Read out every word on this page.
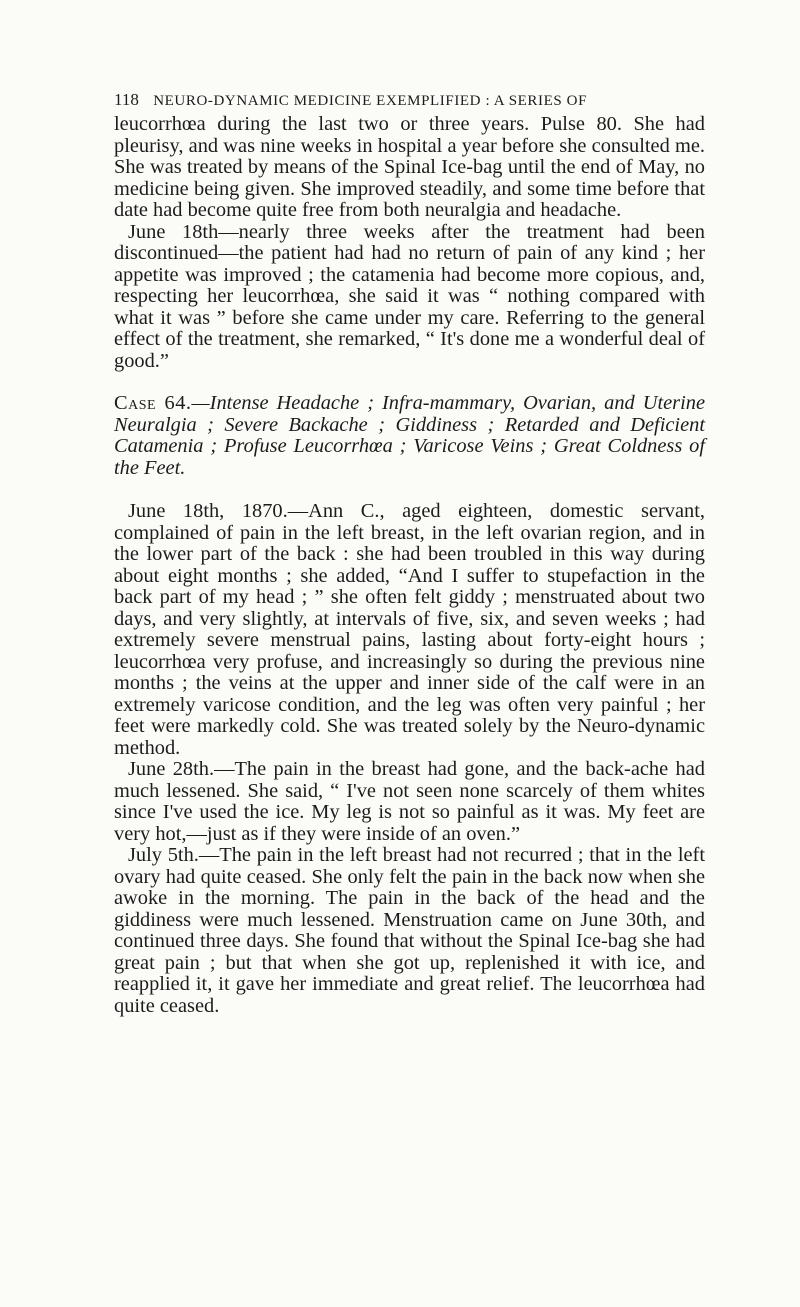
118 NEURO-DYNAMIC MEDICINE EXEMPLIFIED : A SERIES OF

leucorrhœa during the last two or three years. Pulse 80. She had pleurisy, and was nine weeks in hospital a year before she consulted me. She was treated by means of the Spinal Ice-bag until the end of May, no medicine being given. She improved steadily, and some time before that date had become quite free from both neuralgia and headache.

June 18th—nearly three weeks after the treatment had been discontinued—the patient had had no return of pain of any kind ; her appetite was improved ; the catamenia had become more copious, and, respecting her leucorrhœa, she said it was “ nothing compared with what it was ” before she came under my care. Referring to the general effect of the treatment, she remarked, “ It's done me a wonderful deal of good.”

Case 64.—Intense Headache ; Infra-mammary, Ovarian, and Uterine Neuralgia ; Severe Backache ; Giddiness ; Retarded and Deficient Catamenia ; Profuse Leucorrhœa ; Varicose Veins ; Great Coldness of the Feet.

June 18th, 1870.—Ann C., aged eighteen, domestic servant, complained of pain in the left breast, in the left ovarian region, and in the lower part of the back : she had been troubled in this way during about eight months ; she added, “And I suffer to stupefaction in the back part of my head ; ” she often felt giddy ; menstruated about two days, and very slightly, at intervals of five, six, and seven weeks ; had extremely severe menstrual pains, lasting about forty-eight hours ; leucorrhœa very profuse, and increasingly so during the previous nine months ; the veins at the upper and inner side of the calf were in an extremely varicose condition, and the leg was often very painful ; her feet were markedly cold. She was treated solely by the Neuro-dynamic method.

June 28th.—The pain in the breast had gone, and the back-ache had much lessened. She said, “ I've not seen none scarcely of them whites since I've used the ice. My leg is not so painful as it was. My feet are very hot,—just as if they were inside of an oven.”

July 5th.—The pain in the left breast had not recurred ; that in the left ovary had quite ceased. She only felt the pain in the back now when she awoke in the morning. The pain in the back of the head and the giddiness were much lessened. Menstruation came on June 30th, and continued three days. She found that without the Spinal Ice-bag she had great pain ; but that when she got up, replenished it with ice, and reapplied it, it gave her immediate and great relief. The leucorrhœa had quite ceased.
